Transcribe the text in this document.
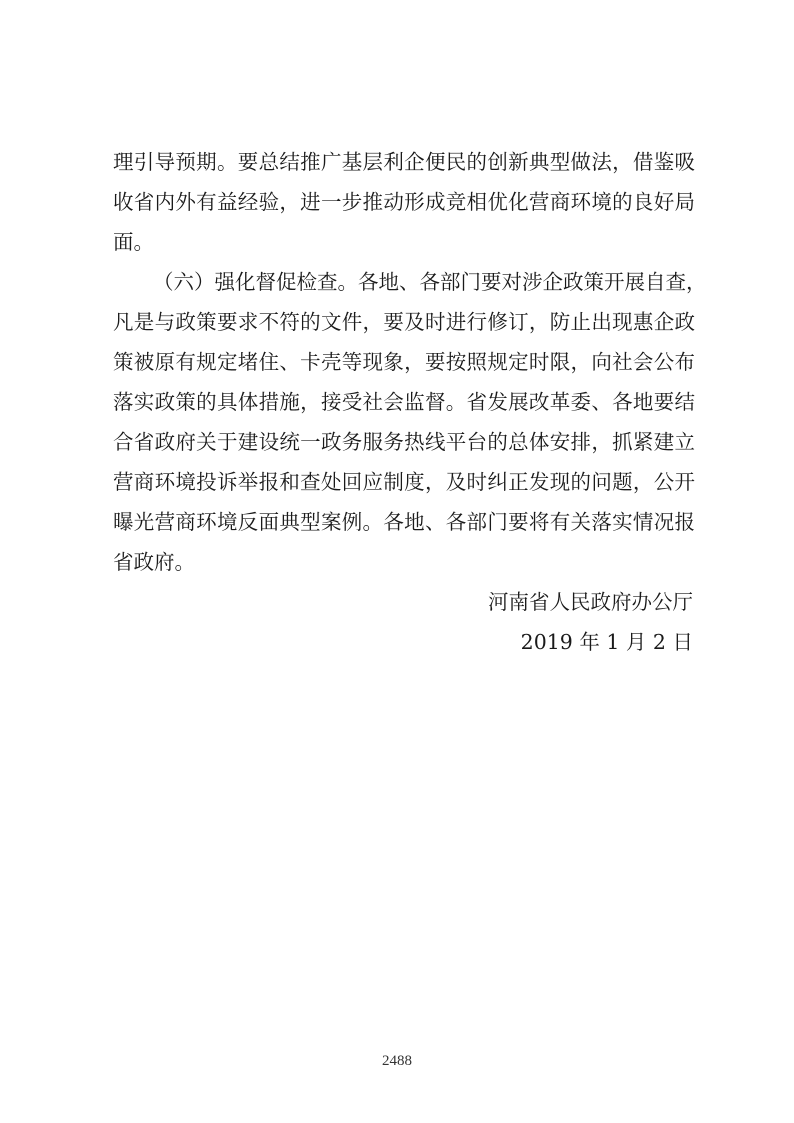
理引导预期。要总结推广基层利企便民的创新典型做法，借鉴吸
收省内外有益经验，进一步推动形成竞相优化营商环境的良好局
面。
（六）强化督促检查。各地、各部门要对涉企政策开展自查，
凡是与政策要求不符的文件，要及时进行修订，防止出现惠企政
策被原有规定堵住、卡壳等现象，要按照规定时限，向社会公布
落实政策的具体措施，接受社会监督。省发展改革委、各地要结
合省政府关于建设统一政务服务热线平台的总体安排，抓紧建立
营商环境投诉举报和查处回应制度，及时纠正发现的问题，公开
曝光营商环境反面典型案例。各地、各部门要将有关落实情况报
省政府。
河南省人民政府办公厅
2019 年 1 月 2 日
2488
